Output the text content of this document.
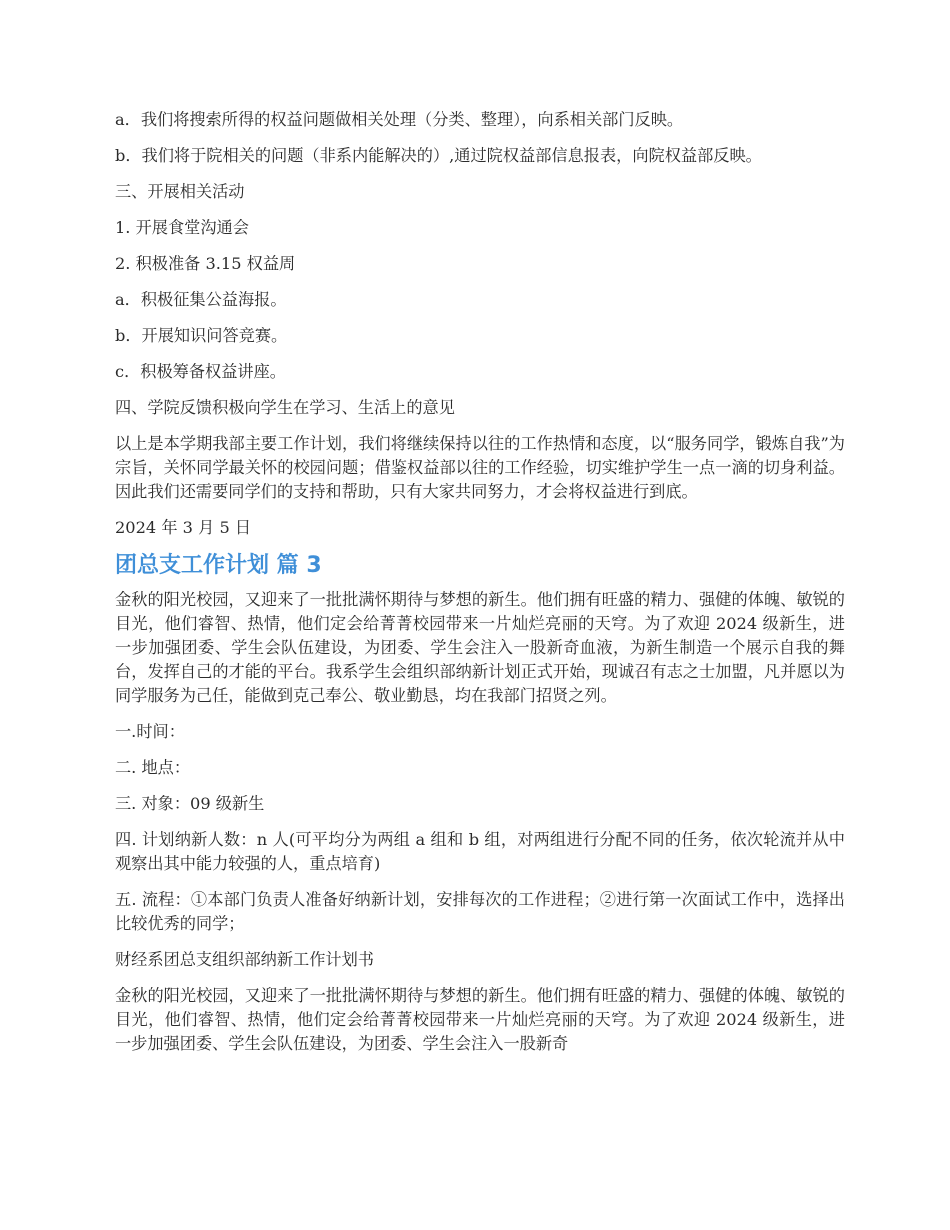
a．我们将搜索所得的权益问题做相关处理（分类、整理），向系相关部门反映。

b．我们将于院相关的问题（非系内能解决的）,通过院权益部信息报表，向院权益部反映。

三、开展相关活动

1. 开展食堂沟通会

2. 积极准备 3.15 权益周

a．积极征集公益海报。

b．开展知识问答竞赛。

c．积极筹备权益讲座。

四、学院反馈积极向学生在学习、生活上的意见

以上是本学期我部主要工作计划，我们将继续保持以往的工作热情和态度，以“服务同学，锻炼自我”为宗旨，关怀同学最关怀的校园问题；借鉴权益部以往的工作经验，切实维护学生一点一滴的切身利益。因此我们还需要同学们的支持和帮助，只有大家共同努力，才会将权益进行到底。

2024 年 3 月 5 日

团总支工作计划 篇 3

金秋的阳光校园，又迎来了一批批满怀期待与梦想的新生。他们拥有旺盛的精力、强健的体魄、敏锐的目光，他们睿智、热情，他们定会给菁菁校园带来一片灿烂亮丽的天穹。为了欢迎 2024 级新生，进一步加强团委、学生会队伍建设，为团委、学生会注入一股新奇血液，为新生制造一个展示自我的舞台，发挥自己的才能的平台。我系学生会组织部纳新计划正式开始，现诚召有志之士加盟，凡并愿以为同学服务为己任，能做到克己奉公、敬业勤恳，均在我部门招贤之列。

一.时间：

二. 地点：

三. 对象：09 级新生

四. 计划纳新人数：n 人(可平均分为两组 a 组和 b 组，对两组进行分配不同的任务，依次轮流并从中观察出其中能力较强的人，重点培育)

五. 流程：①本部门负责人准备好纳新计划，安排每次的工作进程；②进行第一次面试工作中，选择出比较优秀的同学；

财经系团总支组织部纳新工作计划书

金秋的阳光校园，又迎来了一批批满怀期待与梦想的新生。他们拥有旺盛的精力、强健的体魄、敏锐的目光，他们睿智、热情，他们定会给菁菁校园带来一片灿烂亮丽的天穹。为了欢迎 2024 级新生，进一步加强团委、学生会队伍建设，为团委、学生会注入一股新奇
